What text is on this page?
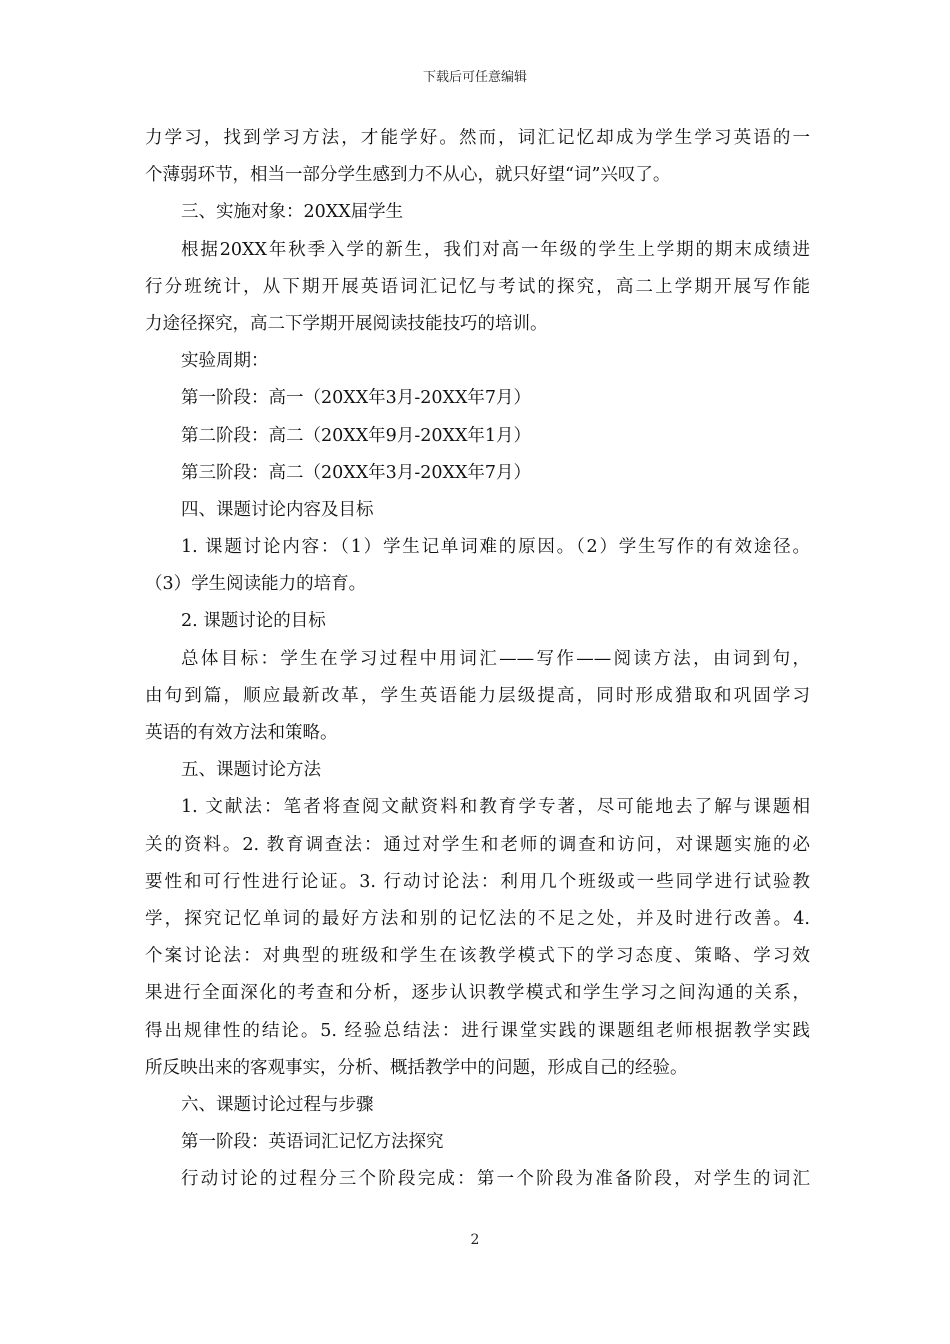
下载后可任意编辑
力学习，找到学习方法，才能学好。然而，词汇记忆却成为学生学习英语的一
个薄弱环节，相当一部分学生感到力不从心，就只好望“词”兴叹了。
三、实施对象：20XX届学生
根据20XX年秋季入学的新生，我们对高一年级的学生上学期的期末成绩进
行分班统计，从下期开展英语词汇记忆与考试的探究，高二上学期开展写作能
力途径探究，高二下学期开展阅读技能技巧的培训。
实验周期：
第一阶段：高一（20XX年3月-20XX年7月）
第二阶段：高二（20XX年9月-20XX年1月）
第三阶段：高二（20XX年3月-20XX年7月）
四、课题讨论内容及目标
1. 课题讨论内容：（1）学生记单词难的原因。（2）学生写作的有效途径。
（3）学生阅读能力的培育。
2. 课题讨论的目标
总体目标：学生在学习过程中用词汇——写作——阅读方法，由词到句，
由句到篇，顺应最新改革，学生英语能力层级提高，同时形成猎取和巩固学习
英语的有效方法和策略。
五、课题讨论方法
1. 文献法：笔者将查阅文献资料和教育学专著，尽可能地去了解与课题相
关的资料。2. 教育调查法：通过对学生和老师的调查和访问，对课题实施的必
要性和可行性进行论证。3. 行动讨论法：利用几个班级或一些同学进行试验教
学，探究记忆单词的最好方法和别的记忆法的不足之处，并及时进行改善。4.
个案讨论法：对典型的班级和学生在该教学模式下的学习态度、策略、学习效
果进行全面深化的考查和分析，逐步认识教学模式和学生学习之间沟通的关系，
得出规律性的结论。5. 经验总结法：进行课堂实践的课题组老师根据教学实践
所反映出来的客观事实，分析、概括教学中的问题，形成自己的经验。
六、课题讨论过程与步骤
第一阶段：英语词汇记忆方法探究
行动讨论的过程分三个阶段完成：第一个阶段为准备阶段，对学生的词汇
2
